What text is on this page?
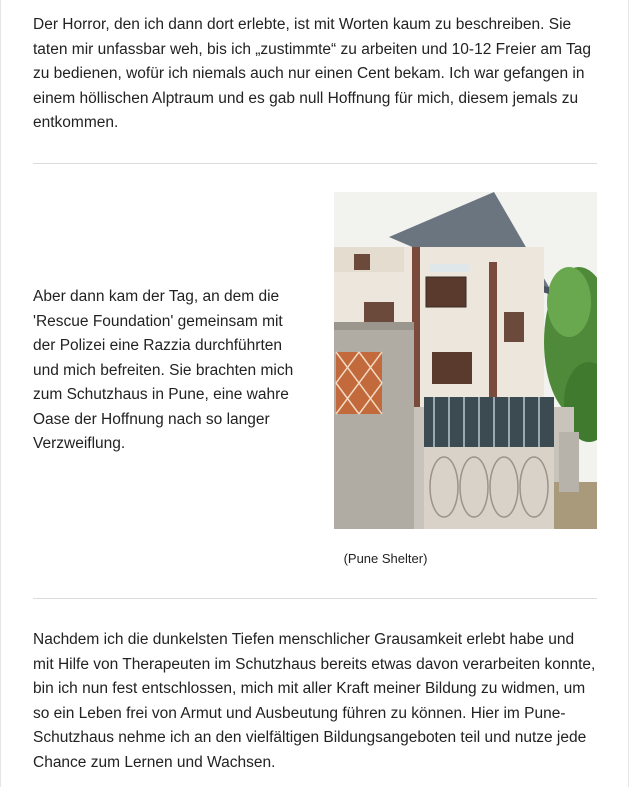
Der Horror, den ich dann dort erlebte, ist mit Worten kaum zu beschreiben. Sie taten mir unfassbar weh, bis ich „zustimmte“ zu arbeiten und 10-12 Freier am Tag zu bedienen, wofür ich niemals auch nur einen Cent bekam. Ich war gefangen in einem höllischen Alptraum und es gab null Hoffnung für mich, diesem jemals zu entkommen.

Aber dann kam der Tag, an dem die 'Rescue Foundation' gemeinsam mit der Polizei eine Razzia durchführten und mich befreiten. Sie brachten mich zum Schutzhaus in Pune, eine wahre Oase der Hoffnung nach so langer Verzweiflung.

(Pune Shelter)

Nachdem ich die dunkelsten Tiefen menschlicher Grausamkeit erlebt habe und mit Hilfe von Therapeuten im Schutzhaus bereits etwas davon verarbeiten konnte, bin ich nun fest entschlossen, mich mit aller Kraft meiner Bildung zu widmen, um so ein Leben frei von Armut und Ausbeutung führen zu können. Hier im Pune-Schutzhaus nehme ich an den vielfältigen Bildungsangeboten teil und nutze jede Chance zum Lernen und Wachsen.
